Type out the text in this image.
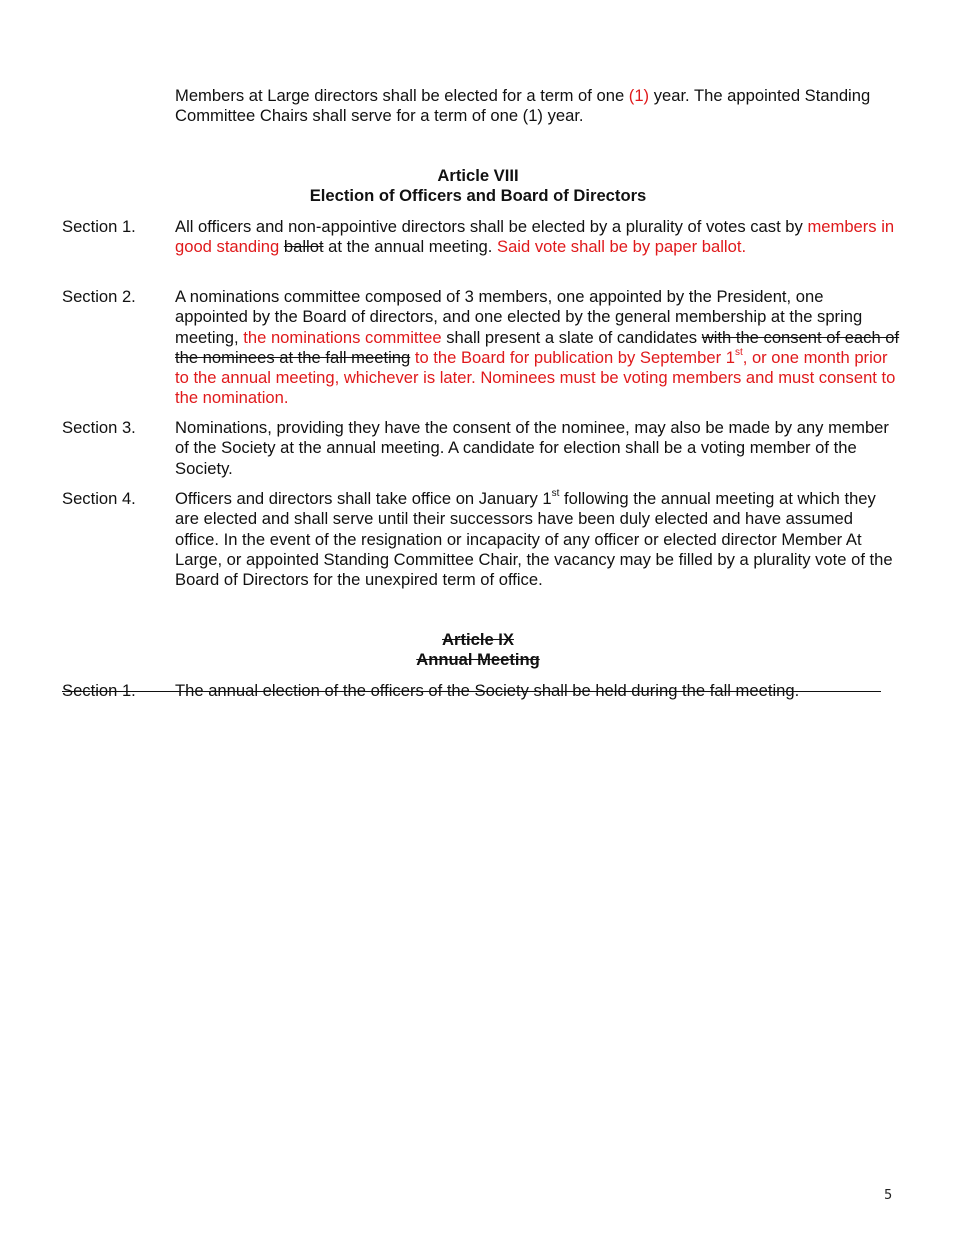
Members at Large directors shall be elected for a term of one (1) year. The appointed Standing Committee Chairs shall serve for a term of one (1) year.
Article VIII
Election of Officers and Board of Directors
Section 1.	All officers and non-appointive directors shall be elected by a plurality of votes cast by members in good standing ballot at the annual meeting. Said vote shall be by paper ballot.
Section 2.	A nominations committee composed of 3 members, one appointed by the President, one appointed by the Board of directors, and one elected by the general membership at the spring meeting, the nominations committee shall present a slate of candidates with the consent of each of the nominees at the fall meeting to the Board for publication by September 1st, or one month prior to the annual meeting, whichever is later. Nominees must be voting members and must consent to the nomination.
Section 3.	Nominations, providing they have the consent of the nominee, may also be made by any member of the Society at the annual meeting. A candidate for election shall be a voting member of the Society.
Section 4.	Officers and directors shall take office on January 1st following the annual meeting at which they are elected and shall serve until their successors have been duly elected and have assumed office. In the event of the resignation or incapacity of any officer or elected director Member At Large, or appointed Standing Committee Chair, the vacancy may be filled by a plurality vote of the Board of Directors for the unexpired term of office.
Article IX
Annual Meeting
Section 1.	The annual election of the officers of the Society shall be held during the fall meeting.
5
